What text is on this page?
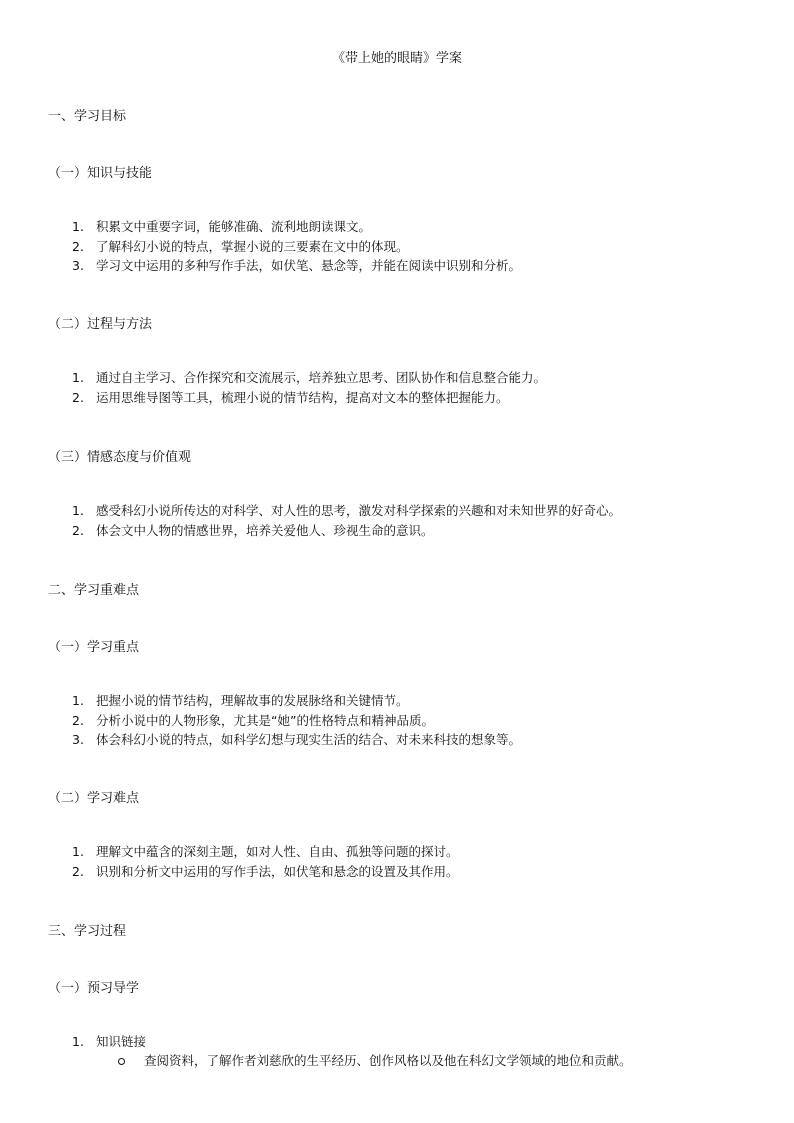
《带上她的眼睛》学案
一、学习目标
（一）知识与技能
1. 积累文中重要字词，能够准确、流利地朗读课文。
2. 了解科幻小说的特点，掌握小说的三要素在文中的体现。
3. 学习文中运用的多种写作手法，如伏笔、悬念等，并能在阅读中识别和分析。
（二）过程与方法
1. 通过自主学习、合作探究和交流展示，培养独立思考、团队协作和信息整合能力。
2. 运用思维导图等工具，梳理小说的情节结构，提高对文本的整体把握能力。
（三）情感态度与价值观
1. 感受科幻小说所传达的对科学、对人性的思考，激发对科学探索的兴趣和对未知世界的好奇心。
2. 体会文中人物的情感世界，培养关爱他人、珍视生命的意识。
二、学习重难点
（一）学习重点
1. 把握小说的情节结构，理解故事的发展脉络和关键情节。
2. 分析小说中的人物形象，尤其是“她”的性格特点和精神品质。
3. 体会科幻小说的特点，如科学幻想与现实生活的结合、对未来科技的想象等。
（二）学习难点
1. 理解文中蕴含的深刻主题，如对人性、自由、孤独等问题的探讨。
2. 识别和分析文中运用的写作手法，如伏笔和悬念的设置及其作用。
三、学习过程
（一）预习导学
1. 知识链接
查阅资料，了解作者刘慈欣的生平经历、创作风格以及他在科幻文学领域的地位和贡献。
